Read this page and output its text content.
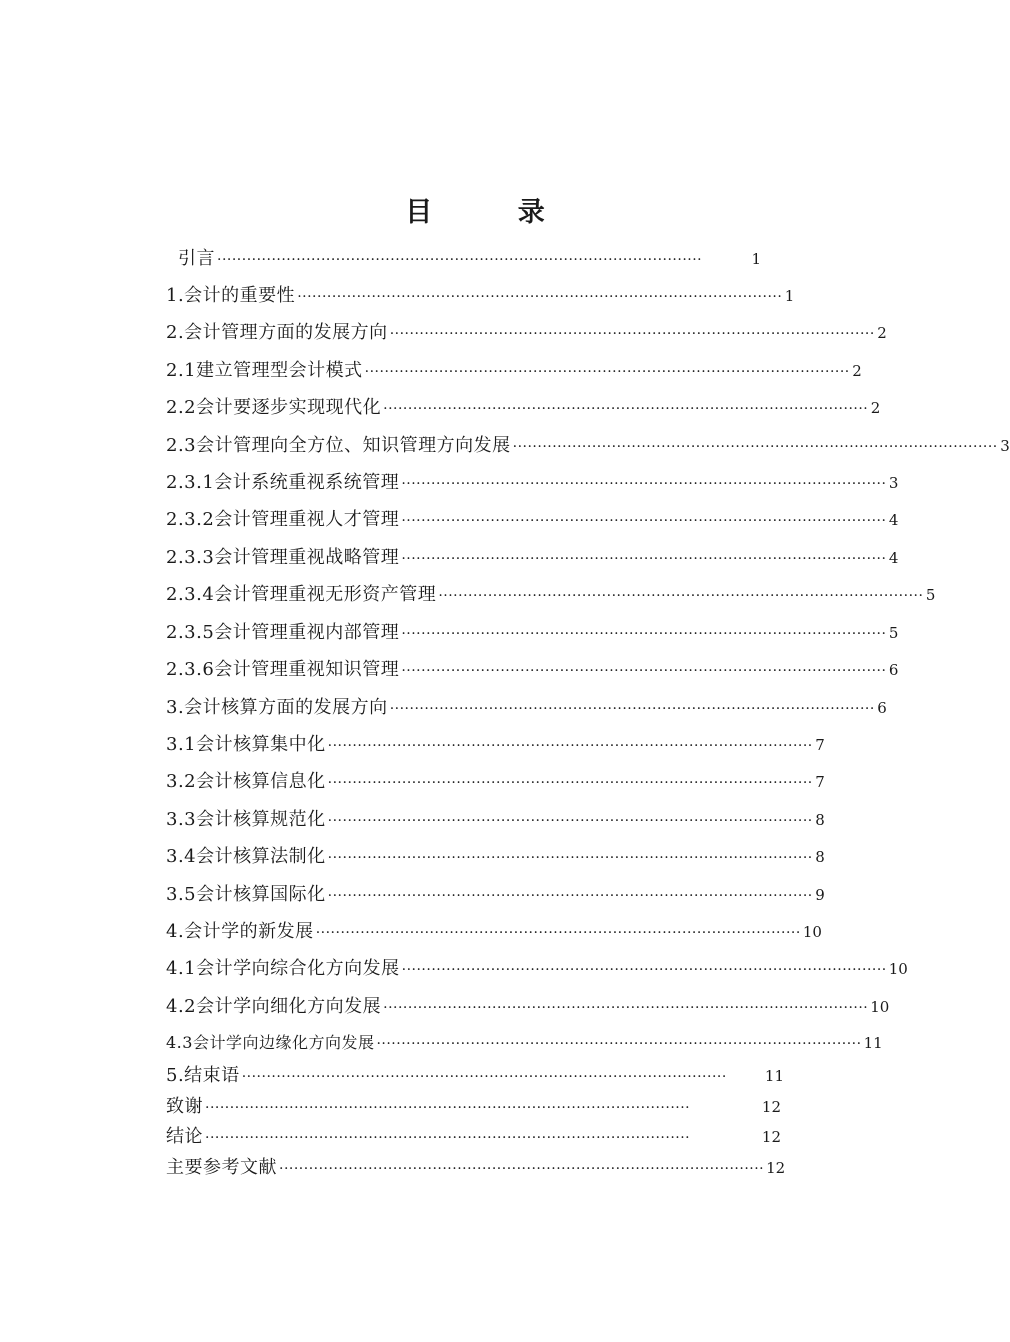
目 录
引言 ··································································································	1
1.会计的重要性 ·································································································· 1
2.会计管理方面的发展方向 ·································································································· 2
2.1建立管理型会计模式 ·································································································· 2
2.2会计要逐步实现现代化 ·································································································· 2
2.3会计管理向全方位、知识管理方向发展 ·································································································· 3
2.3.1会计系统重视系统管理 ·································································································· 3
2.3.2会计管理重视人才管理 ·································································································· 4
2.3.3会计管理重视战略管理 ·································································································· 4
2.3.4会计管理重视无形资产管理 ·································································································· 5
2.3.5会计管理重视内部管理 ·································································································· 5
2.3.6会计管理重视知识管理 ·································································································· 6
3.会计核算方面的发展方向 ·································································································· 6
3.1会计核算集中化 ·································································································· 7
3.2会计核算信息化 ·································································································· 7
3.3会计核算规范化 ·································································································· 8
3.4会计核算法制化 ·································································································· 8
3.5会计核算国际化 ·································································································· 9
4.会计学的新发展 ·································································································· 10
4.1会计学向综合化方向发展 ·································································································· 10
4.2会计学向细化方向发展 ·································································································· 10
4.3会计学向边缘化方向发展 ·································································································· 11
5.结束语 ··································································································	11
致谢 ··································································································	12
结论 ··································································································	12
主要参考文献 ·································································································· 12
